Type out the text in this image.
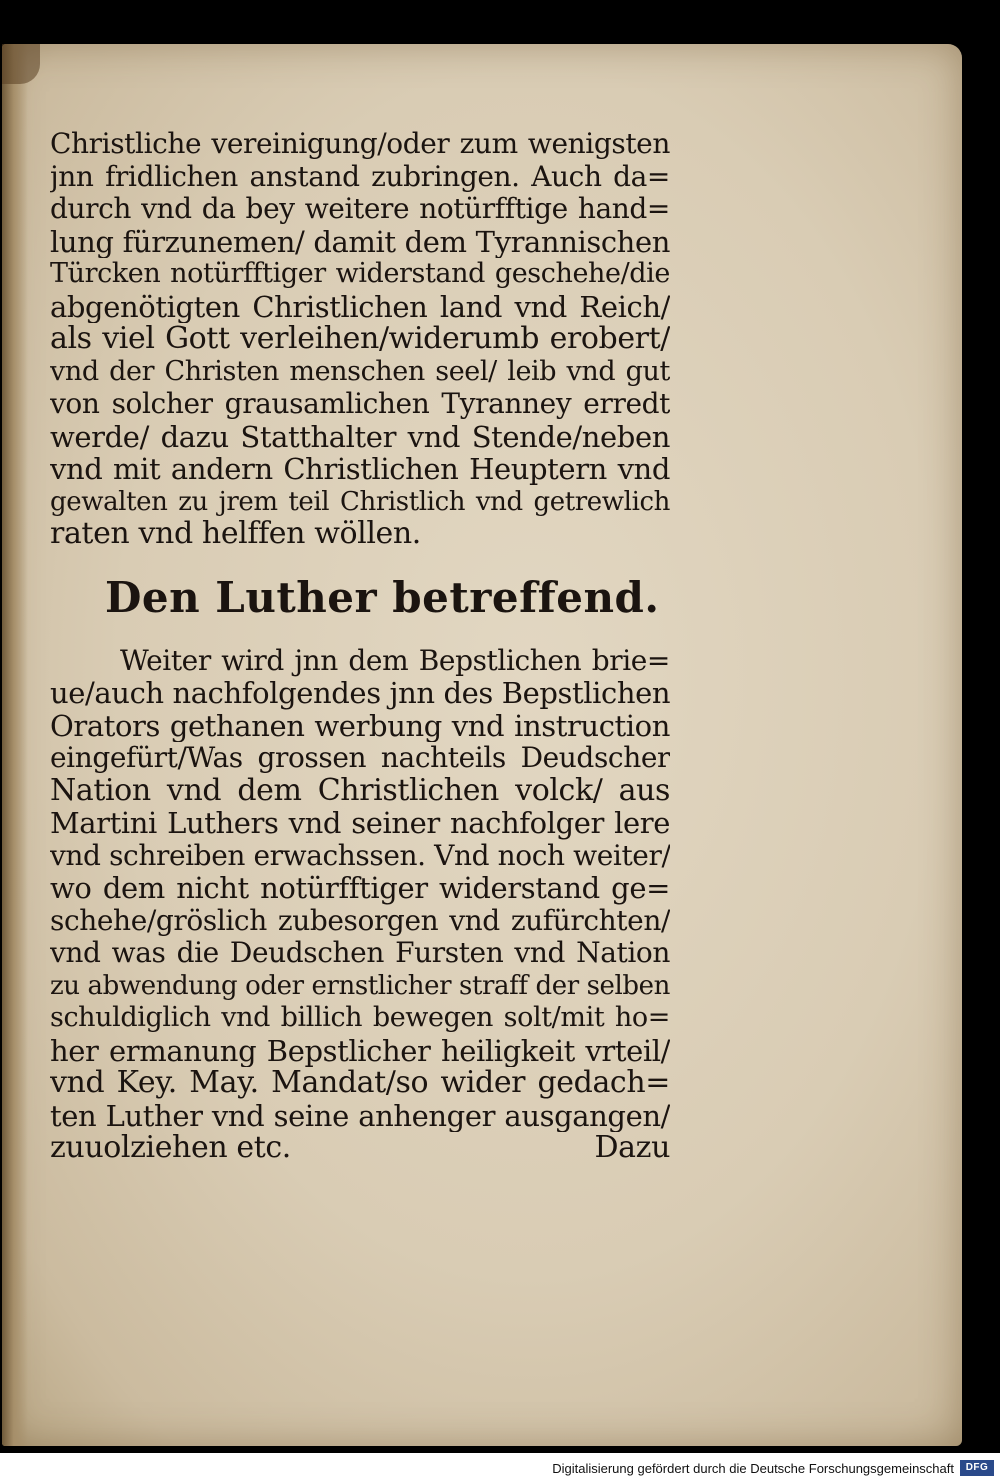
Christliche vereinigung/oder zum wenigsten
jnn fridlichen anstand zubringen. Auch da=
durch vnd da bey weitere notürfftige hand=
lung fürzunemen/ damit dem Tyrannischen
Türcken notürfftiger widerstand geschehe/die
abgenötigten Christlichen land vnd Reich/
als viel Gott verleihen/widerumb erobert/
vnd der Christen menschen seel/ leib vnd gut
von solcher grausamlichen Tyranney erredt
werde/ dazu Statthalter vnd Stende/neben
vnd mit andern Christlichen Heuptern vnd
gewalten zu jrem teil Christlich vnd getrewlich
raten vnd helffen wöllen.
Den Luther betreffend.
Weiter wird jnn dem Bepstlichen brie=
ue/auch nachfolgendes jnn des Bepstlichen
Orators gethanen werbung vnd instruction
eingefürt/Was grossen nachteils Deudscher
Nation vnd dem Christlichen volck/ aus
Martini Luthers vnd seiner nachfolger lere
vnd schreiben erwachssen. Vnd noch weiter/
wo dem nicht notürfftiger widerstand ge=
schehe/gröslich zubesorgen vnd zufürchten/
vnd was die Deudschen Fursten vnd Nation
zu abwendung oder ernstlicher straff der selben
schuldiglich vnd billich bewegen solt/mit ho=
her ermanung Bepstlicher heiligkeit vrteil/
vnd Key. May. Mandat/so wider gedach=
ten Luther vnd seine anhenger ausgangen/
zuuolziehen etc.	Dazu
Digitalisierung gefördert durch die Deutsche Forschungsgemeinschaft	DFG
